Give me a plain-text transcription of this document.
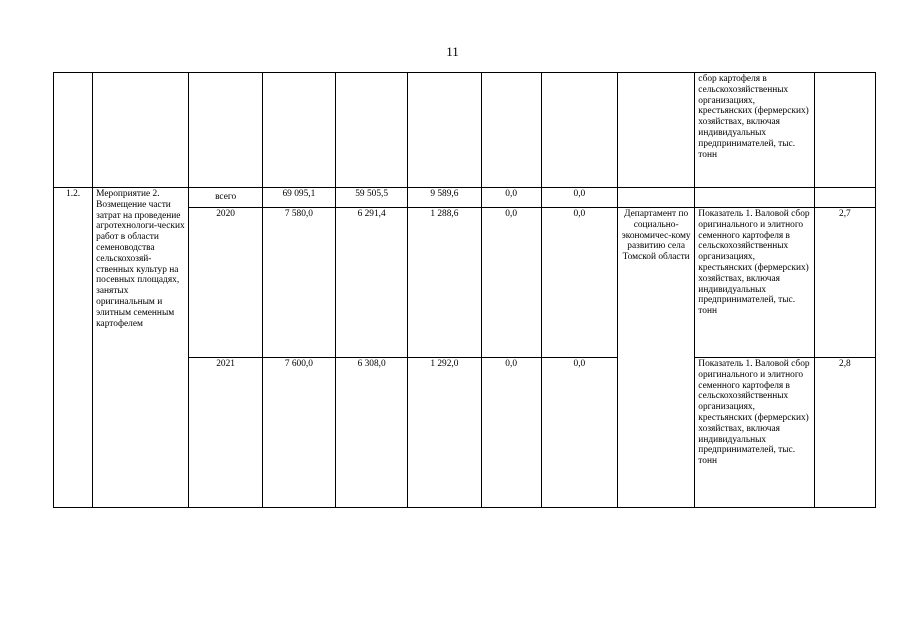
11
									сбор картофеля в сельскохозяйственных организациях, крестьянских (фермерских) хозяйствах, включая индивидуальных предпринимателей, тыс. тонн	
1.2.	Мероприятие 2. Возмещение части затрат на проведение агротехнологи-ческих работ в области семеноводства сельскохозяй-ственных культур на посевных площадях, занятых оригинальным и элитным семенным картофелем	всего	69 095,1	59 505,5	9 589,6	0,0	0,0			
		2020	7 580,0	6 291,4	1 288,6	0,0	0,0	Департамент по социально-экономичес-кому развитию села Томской области	Показатель 1. Валовой сбор оригинального и элитного семенного картофеля в сельскохозяйственных организациях, крестьянских (фермерских) хозяйствах, включая индивидуальных предпринимателей, тыс. тонн	2,7
		2021	7 600,0	6 308,0	1 292,0	0,0	0,0		Показатель 1. Валовой сбор оригинального и элитного семенного картофеля в сельскохозяйственных организациях, крестьянских (фермерских) хозяйствах, включая индивидуальных предпринимателей, тыс. тонн	2,8
